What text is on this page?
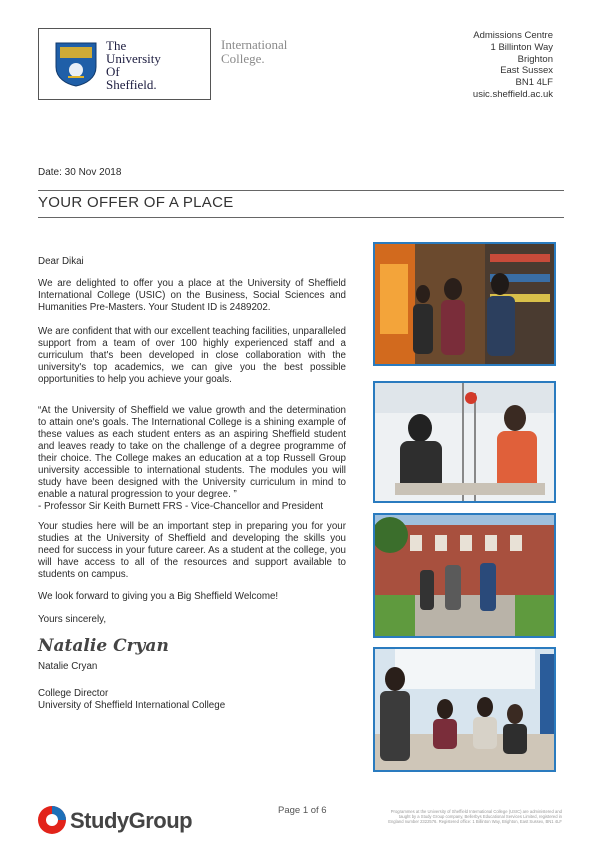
The
University
Of
Sheffield.
International
College.
Admissions Centre
1 Billinton Way
Brighton
East Sussex
BN1 4LF
usic.sheffield.ac.uk
Date: 30 Nov 2018
YOUR OFFER OF A PLACE
Dear Dikai
We are delighted to offer you a place at the University of Sheffield International College (USIC) on the Business, Social Sciences and Humanities Pre-Masters. Your Student ID is 2489202.
We are confident that with our excellent teaching facilities, unparalleled support from a team of over 100 highly experienced staff and a curriculum that's been developed in close collaboration with the university's top academics, we can give you the best possible opportunities to help you achieve your goals.
“At the University of Sheffield we value growth and the determination to attain one's goals. The International College is a shining example of these values as each student enters as an aspiring Sheffield student and leaves ready to take on the challenge of a degree programme of their choice. The College makes an education at a top Russell Group university accessible to international students. The modules you will study have been designed with the University curriculum in mind to enable a natural progression to your degree. ”
- Professor Sir Keith Burnett FRS - Vice-Chancellor and President
Your studies here will be an important step in preparing you for your studies at the University of Sheffield and developing the skills you need for success in your future career. As a student at the college, you will have access to all of the resources and support available to students on campus.
We look forward to giving you a Big Sheffield Welcome!
Yours sincerely,
Natalie Cryan
Natalie Cryan
College Director
University of Sheffield International College
StudyGroup	Page 1 of 6	Programmes at the University of Sheffield International College (USIC) are administered and taught by a Study Group company, Bellerbys Educational Services Limited, registered in England number 2322576. Registered office: 1 Billinton Way, Brighton, East Sussex, BN1 4LF
